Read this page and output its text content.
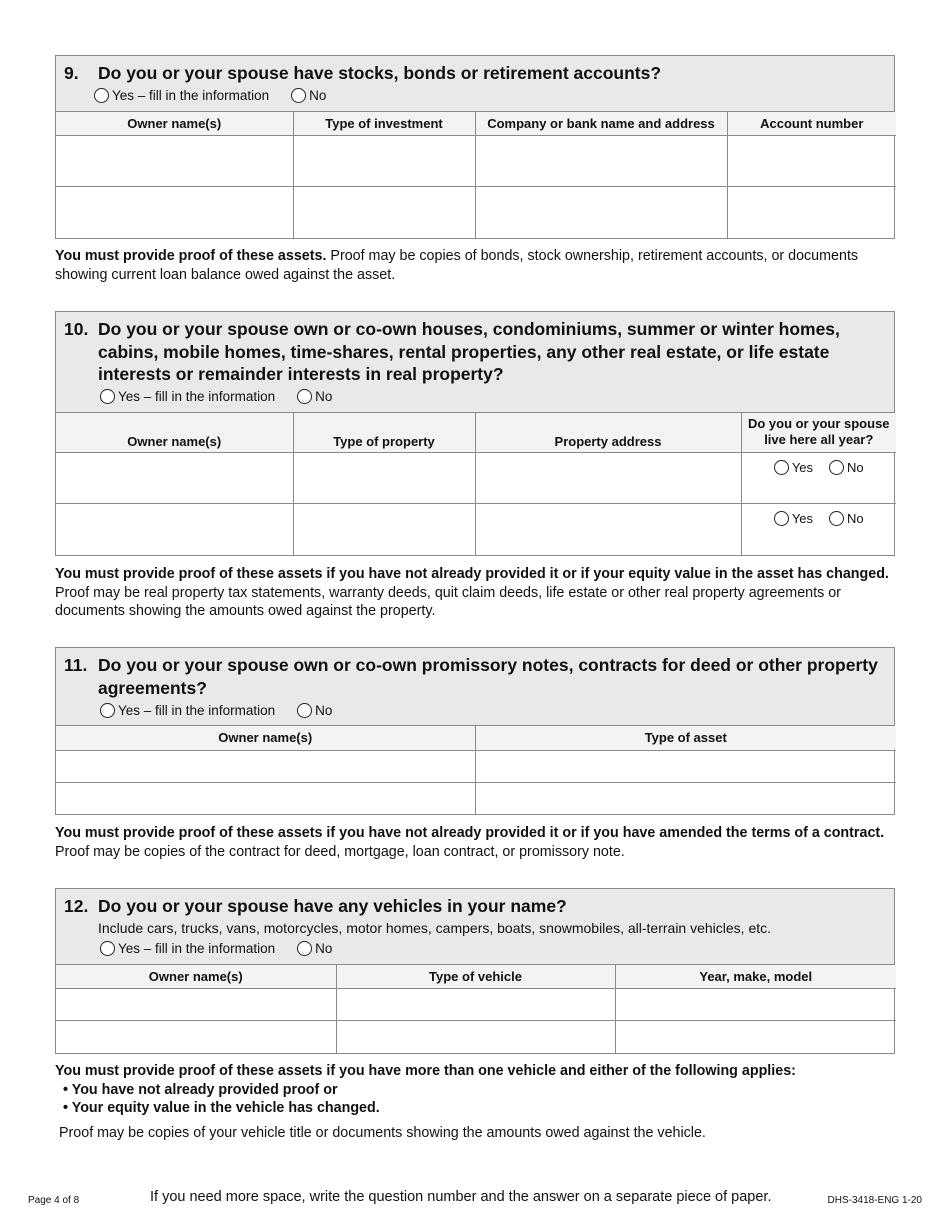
9.	Do you or your spouse have stocks, bonds or retirement accounts?
Yes – fill in the information	No
Owner name(s)	Type of investment	Company or bank name and address	Account number

You must provide proof of these assets. Proof may be copies of bonds, stock ownership, retirement accounts, or documents showing current loan balance owed against the asset.
10. Do you or your spouse own or co-own houses, condominiums, summer or winter homes, cabins, mobile homes, time-shares, rental properties, any other real estate, or life estate interests or remainder interests in real property?
Yes – fill in the information	No
Owner name(s)	Type of property	Property address	Do you or your spouse live here all year?

			Yes No

			Yes No
You must provide proof of these assets if you have not already provided it or if your equity value in the asset has changed. Proof may be real property tax statements, warranty deeds, quit claim deeds, life estate or other real property agreements or documents showing the amounts owed against the property.
11. Do you or your spouse own or co-own promissory notes, contracts for deed or other property agreements?
Yes – fill in the information	No
Owner name(s)	Type of asset

You must provide proof of these assets if you have not already provided it or if you have amended the terms of a contract.
Proof may be copies of the contract for deed, mortgage, loan contract, or promissory note.
12. Do you or your spouse have any vehicles in your name?
Include cars, trucks, vans, motorcycles, motor homes, campers, boats, snowmobiles, all-terrain vehicles, etc.
Yes – fill in the information	No
Owner name(s)	Type of vehicle	Year, make, model

You must provide proof of these assets if you have more than one vehicle and either of the following applies:
• You have not already provided proof or
• Your equity value in the vehicle has changed.
Proof may be copies of your vehicle title or documents showing the amounts owed against the vehicle.
Page 4 of 8	If you need more space, write the question number and the answer on a separate piece of paper.	DHS-3418-ENG 1-20
